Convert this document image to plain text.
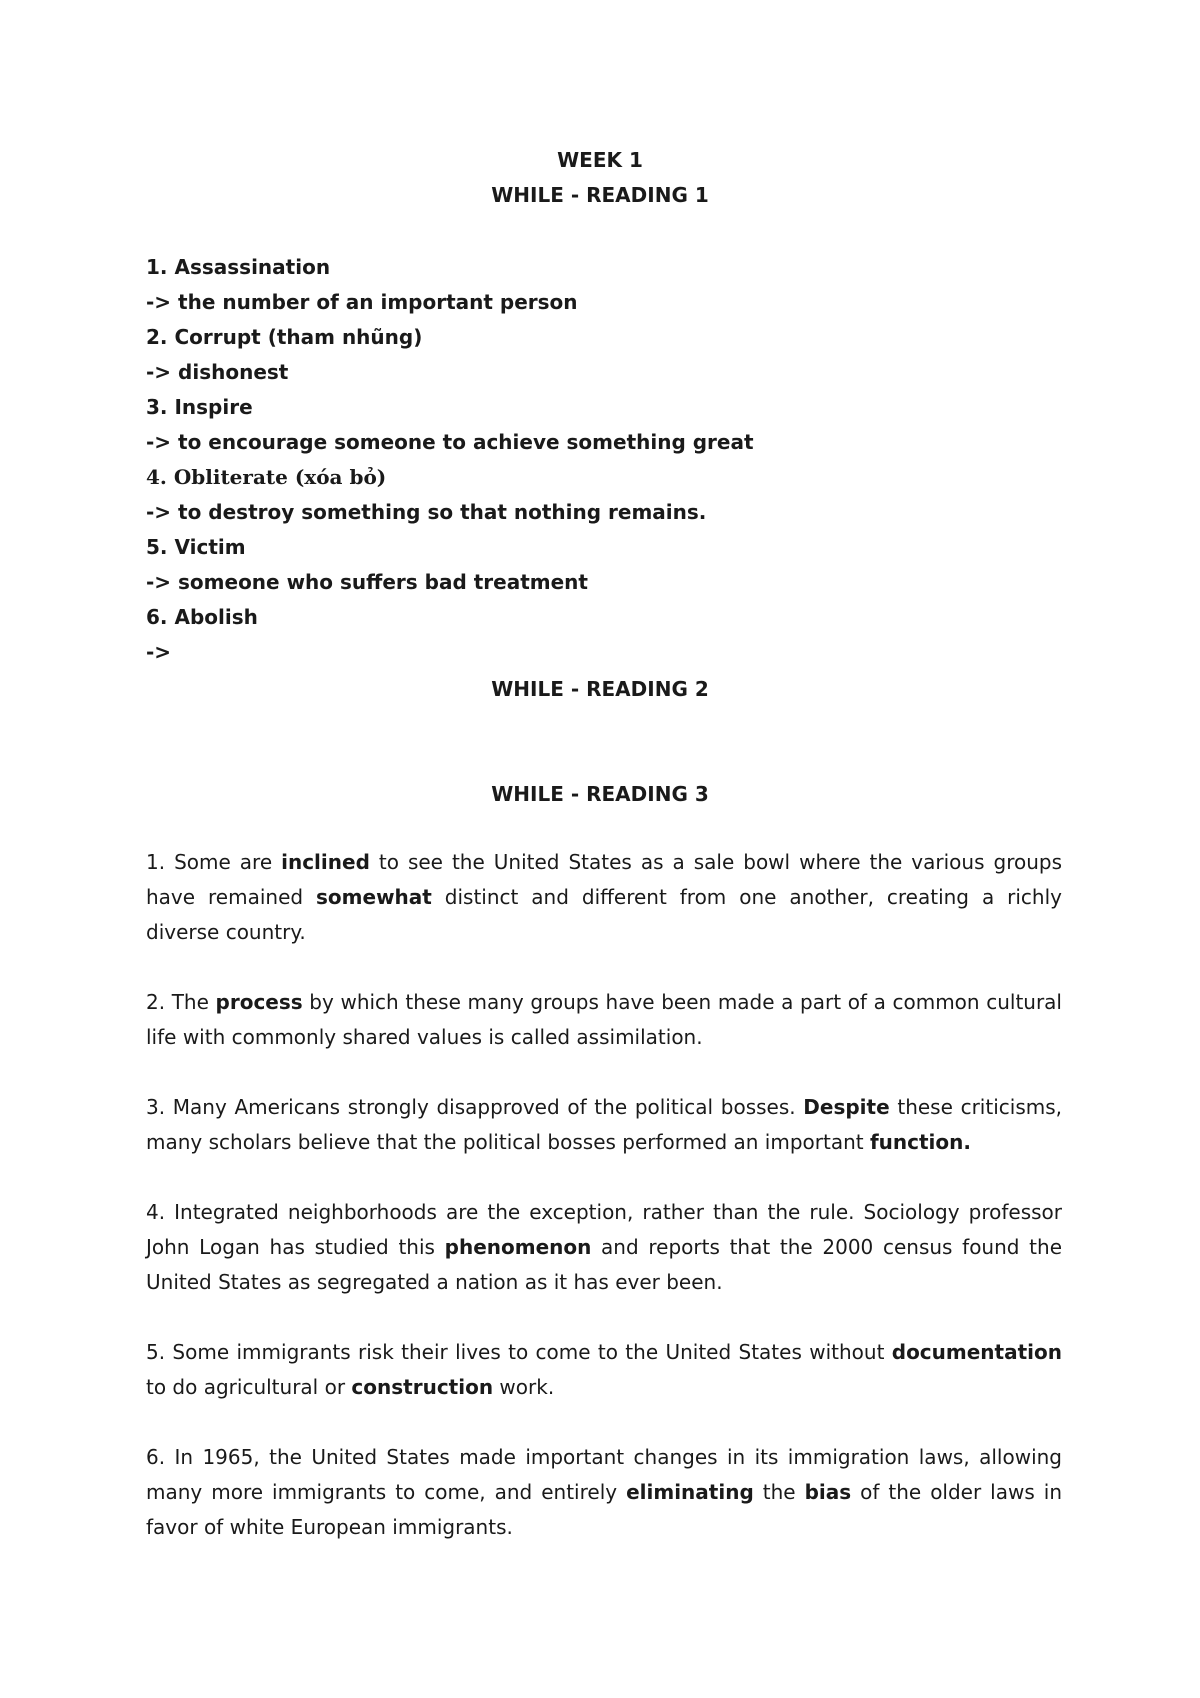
WEEK 1
WHILE - READING 1
1. Assassination
-> the number of an important person
2. Corrupt (tham nhũng)
-> dishonest
3. Inspire
-> to encourage someone to achieve something great
4. Obliterate (xóa bỏ)
-> to destroy something so that nothing remains.
5. Victim
-> someone who suffers bad treatment
6. Abolish
->
WHILE - READING 2
WHILE - READING 3

1. Some are inclined to see the United States as a sale bowl where the various groups have remained somewhat distinct and different from one another, creating a richly diverse country.

2. The process by which these many groups have been made a part of a common cultural life with commonly shared values is called assimilation.

3. Many Americans strongly disapproved of the political bosses. Despite these criticisms, many scholars believe that the political bosses performed an important function.

4. Integrated neighborhoods are the exception, rather than the rule. Sociology professor John Logan has studied this phenomenon and reports that the 2000 census found the United States as segregated a nation as it has ever been.

5. Some immigrants risk their lives to come to the United States without documentation to do agricultural or construction work.

6. In 1965, the United States made important changes in its immigration laws, allowing many more immigrants to come, and entirely eliminating the bias of the older laws in favor of white European immigrants.
